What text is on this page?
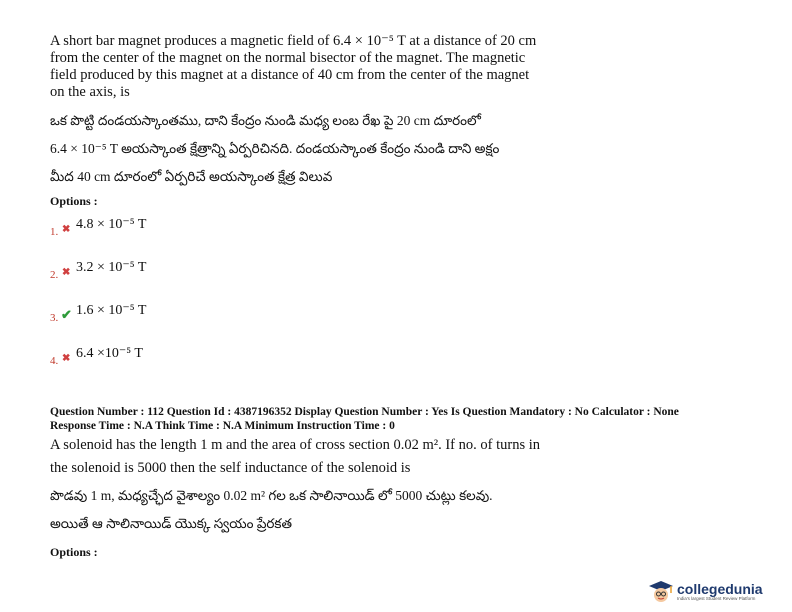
A short bar magnet produces a magnetic field of 6.4 × 10⁻⁵ T at a distance of 20 cm
from the center of the magnet on the normal bisector of the magnet. The magnetic
field produced by this magnet at a distance of 40 cm from the center of the magnet
on the axis, is
ఒక పొట్టి దండయస్కాంతము, దాని కేంద్రం నుండి మధ్య లంబ రేఖ పై 20 cm దూరంలో
6.4 × 10⁻⁵ T అయస్కాంత క్షేత్రాన్ని ఏర్పరిచినది. దండయస్కాంత కేంద్రం నుండి దాని అక్షం
మీద 40 cm దూరంలో ఏర్పరిచే అయస్కాంత క్షేత్ర విలువ
Options :
1. ✖ 4.8 × 10⁻⁵ T
2. ✖ 3.2 × 10⁻⁵ T
3. ✔ 1.6 × 10⁻⁵ T
4. ✖ 6.4 ×10⁻⁵ T
Question Number : 112 Question Id : 4387196352 Display Question Number : Yes Is Question Mandatory : No Calculator : None
Response Time : N.A Think Time : N.A Minimum Instruction Time : 0
A solenoid has the length 1 m and the area of cross section 0.02 m². If no. of turns in
the solenoid is 5000 then the self inductance of the solenoid is
పొడవు 1 m, మధ్యచ్ఛేద వైశాల్యం 0.02 m² గల ఒక సాలినాయిడ్ లో 5000 చుట్లు కలవు.
అయితే ఆ సాలినాయిడ్ యొక్క స్వయం ప్రేరకత
Options :
collegedunia
India's largest Student Review Platform
